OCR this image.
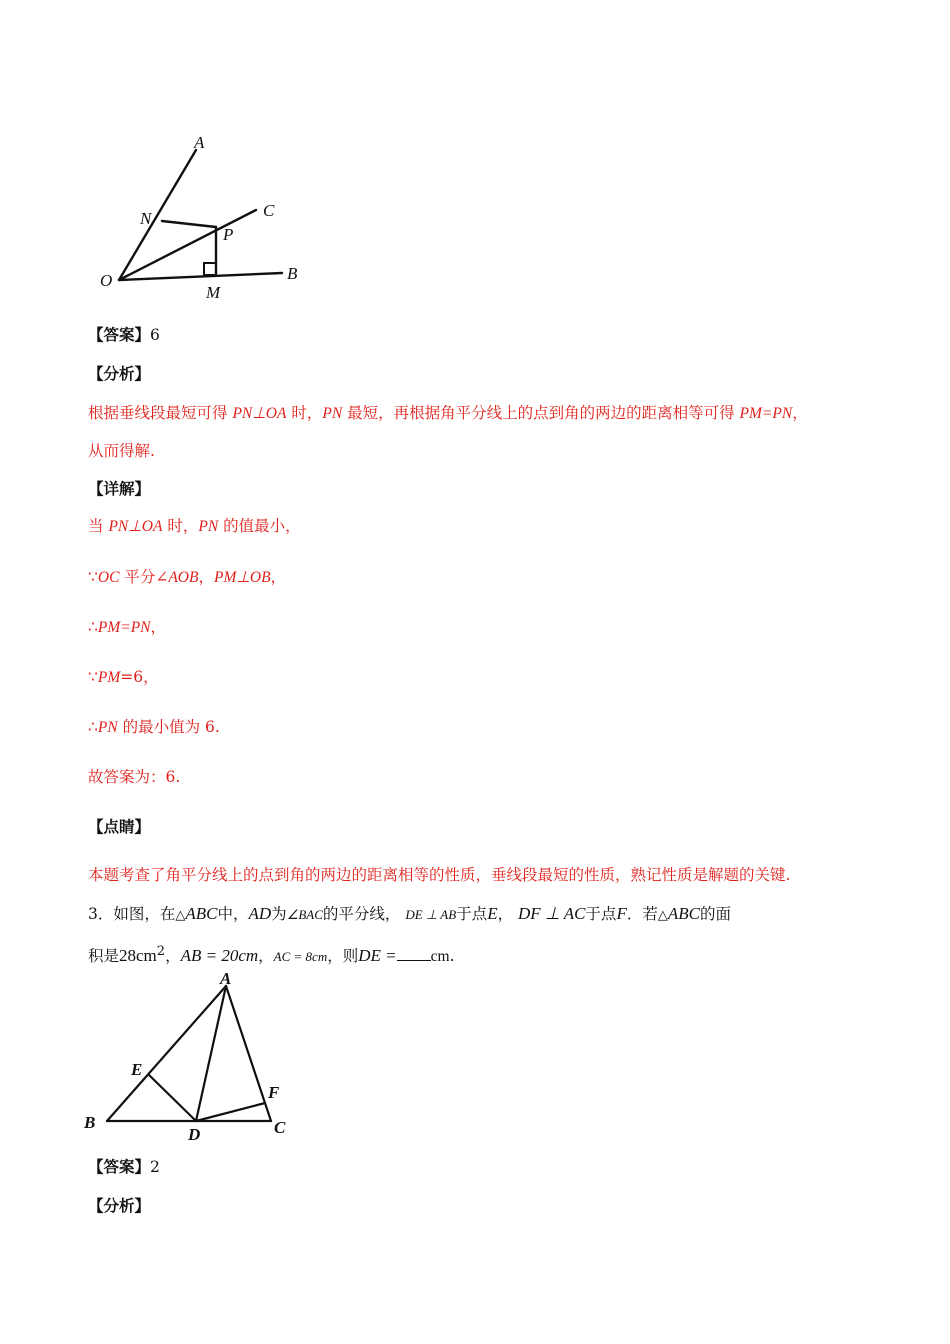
A
N	C
P
O
M
B
【答案】6
【分析】
根据垂线段最短可得 PN⊥OA 时，PN 最短，再根据角平分线上的点到角的两边的距离相等可得 PM=PN，
从而得解.
【详解】
当 PN⊥OA 时，PN 的值最小，
∵OC 平分∠AOB，PM⊥OB，
∴PM=PN，
∵PM=6，
∴PN 的最小值为 6.
故答案为：6.
【点睛】
本题考查了角平分线上的点到角的两边的距离相等的性质，垂线段最短的性质，熟记性质是解题的关键.
3．如图，在△ABC中，AD为∠BAC的平分线， DE ⊥ AB于点E， DF ⊥ AC于点F．若△ABC的面
积是$28cm^2$，AB = 20cm，AC = 8cm，则DE = cm.
A
E
F
B
D	C
【答案】2
【分析】
